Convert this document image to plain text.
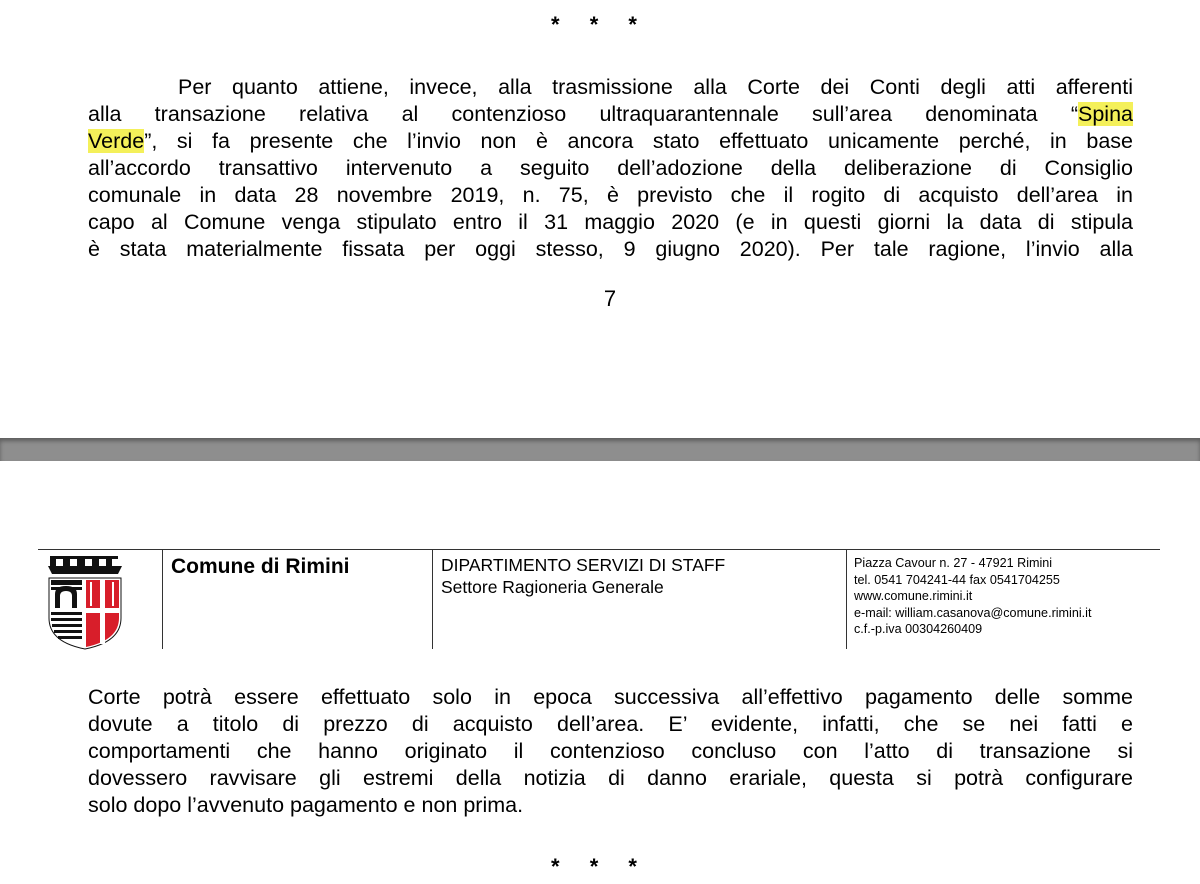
* * *
Per quanto attiene, invece, alla trasmissione alla Corte dei Conti degli atti afferenti
alla transazione relativa al contenzioso ultraquarantennale sull’area denominata “Spina
Verde”, si fa presente che l’invio non è ancora stato effettuato unicamente perché, in base
all’accordo transattivo intervenuto a seguito dell’adozione della deliberazione di Consiglio
comunale in data 28 novembre 2019, n. 75, è previsto che il rogito di acquisto dell’area in
capo al Comune venga stipulato entro il 31 maggio 2020 (e in questi giorni la data di stipula
è stata materialmente fissata per oggi stesso, 9 giugno 2020). Per tale ragione, l’invio alla
7
Comune di Rimini	DIPARTIMENTO SERVIZI DI STAFF
Settore Ragioneria Generale
Piazza Cavour n. 27 - 47921 Rimini
tel. 0541 704241-44 fax 0541704255
www.comune.rimini.it
e-mail: william.casanova@comune.rimini.it
c.f.-p.iva 00304260409
Corte potrà essere effettuato solo in epoca successiva all’effettivo pagamento delle somme
dovute a titolo di prezzo di acquisto dell’area. E’ evidente, infatti, che se nei fatti e
comportamenti che hanno originato il contenzioso concluso con l’atto di transazione si
dovessero ravvisare gli estremi della notizia di danno erariale, questa si potrà configurare
solo dopo l’avvenuto pagamento e non prima.
* * *
